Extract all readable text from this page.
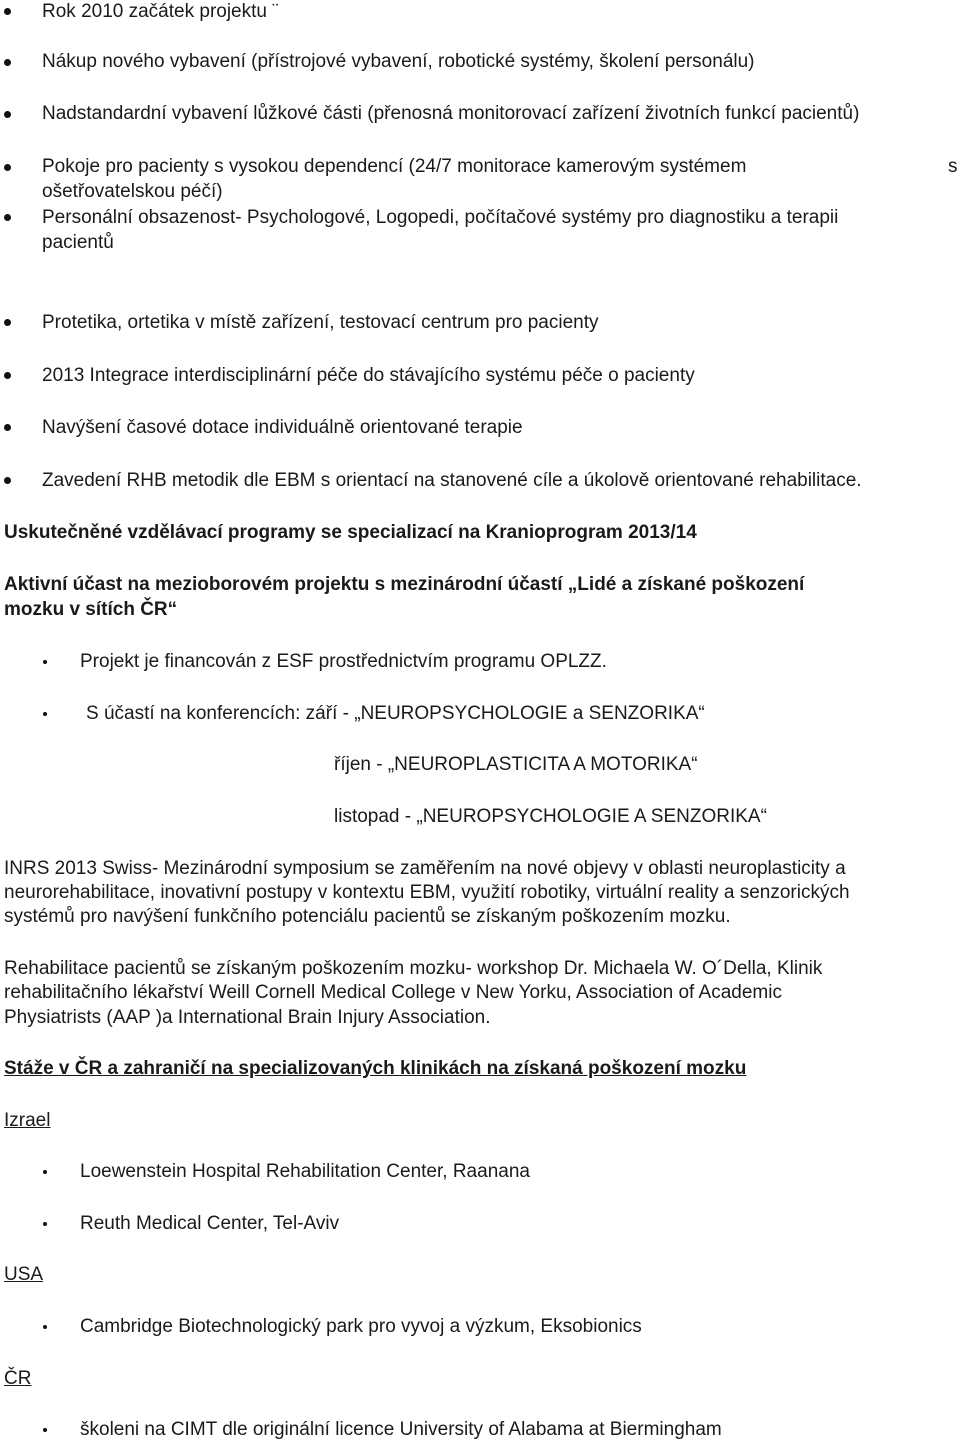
Rok 2010 začátek projektu ¨
Nákup nového vybavení (přístrojové vybavení, robotické systémy, školení personálu)
Nadstandardní vybavení lůžkové části (přenosná monitorovací zařízení životních funkcí pacientů)
Pokoje pro pacienty s vysokou dependencí (24/7 monitorace kamerovým systémem	s
ošetřovatelskou péčí)
Personální obsazenost- Psychologové, Logopedi, počítačové systémy pro diagnostiku a terapii
pacientů
Protetika, ortetika v místě zařízení, testovací centrum pro pacienty
2013 Integrace interdisciplinární péče do stávajícího systému péče o pacienty
Navýšení časové dotace individuálně orientované terapie
Zavedení RHB metodik dle EBM s orientací na stanovené cíle a úkolově orientované rehabilitace.
Uskutečněné vzdělávací programy se specializací na Kranioprogram 2013/14
Aktivní účast na mezioborovém projektu s mezinárodní účastí „Lidé a získané poškození
mozku v sítích ČR“
Projekt je financován z ESF prostřednictvím programu OPLZZ.
S účastí na konferencích: září - „NEUROPSYCHOLOGIE a SENZORIKA“
říjen - „NEUROPLASTICITA A MOTORIKA“
listopad - „NEUROPSYCHOLOGIE A SENZORIKA“
INRS 2013 Swiss- Mezinárodní symposium se zaměřením na nové objevy v oblasti neuroplasticity a
neurorehabilitace, inovativní postupy v kontextu EBM, využití robotiky, virtuální reality a senzorických
systémů pro navýšení funkčního potenciálu pacientů se získaným poškozením mozku.
Rehabilitace pacientů se získaným poškozením mozku- workshop Dr. Michaela W. O´Della, Klinik
rehabilitačního lékařství Weill Cornell Medical College v New Yorku, Association of Academic
Physiatrists (AAP )a International Brain Injury Association.
Stáže v ČR a zahraničí na specializovaných klinikách na získaná poškození mozku
Izrael
Loewenstein Hospital Rehabilitation Center, Raanana
Reuth Medical Center, Tel-Aviv
USA
Cambridge Biotechnologický park pro vyvoj a výzkum, Eksobionics
ČR
školeni na CIMT dle originální licence University of Alabama at Biermingham
